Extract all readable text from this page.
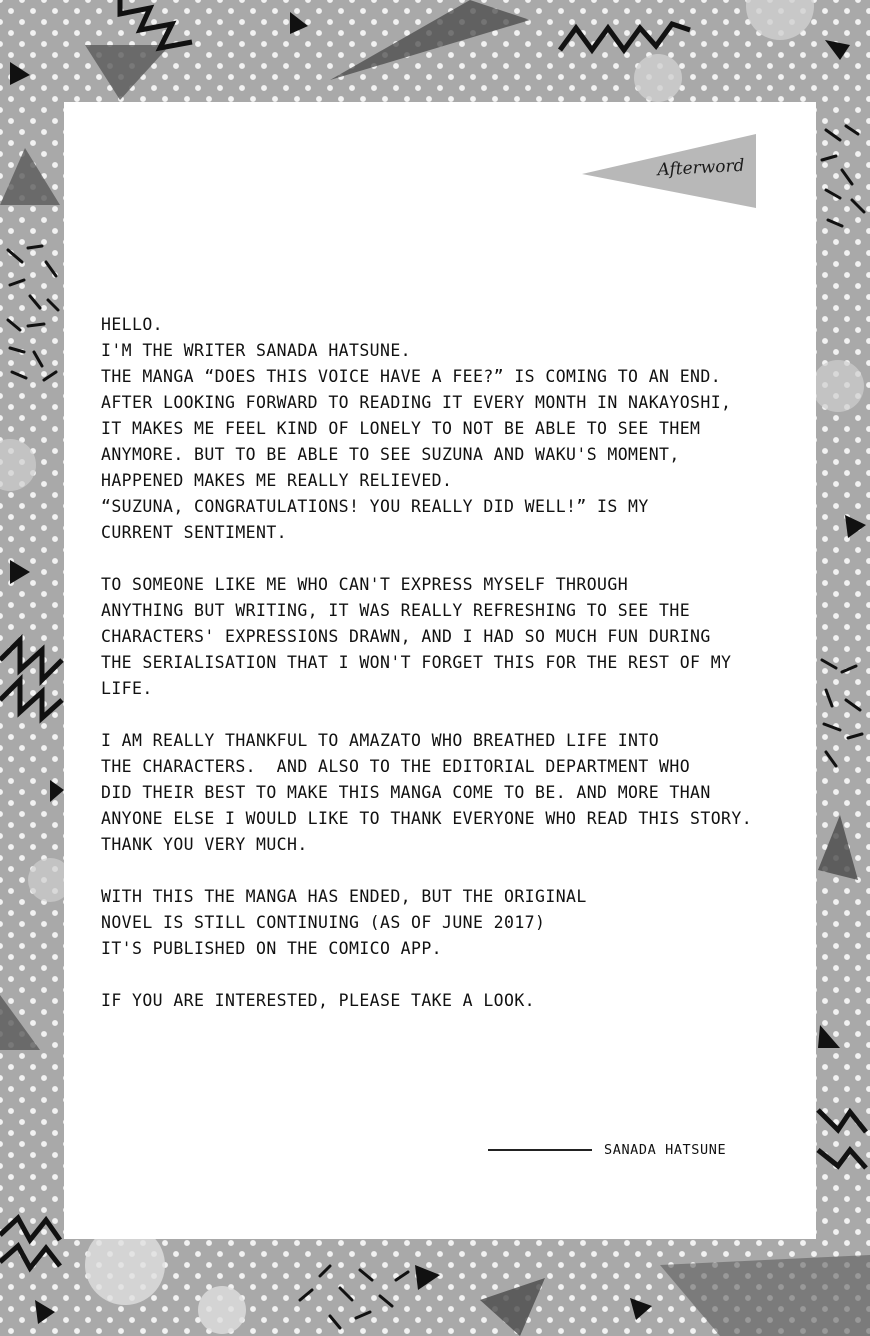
Afterword
HELLO.
I'M THE WRITER SANADA HATSUNE.
THE MANGA “DOES THIS VOICE HAVE A FEE?” IS COMING TO AN END.
AFTER LOOKING FORWARD TO READING IT EVERY MONTH IN NAKAYOSHI,
IT MAKES ME FEEL KIND OF LONELY TO NOT BE ABLE TO SEE THEM
ANYMORE. BUT TO BE ABLE TO SEE SUZUNA AND WAKU'S MOMENT,
HAPPENED MAKES ME REALLY RELIEVED.
“SUZUNA, CONGRATULATIONS! YOU REALLY DID WELL!” IS MY
CURRENT SENTIMENT.
TO SOMEONE LIKE ME WHO CAN'T EXPRESS MYSELF THROUGH
ANYTHING BUT WRITING, IT WAS REALLY REFRESHING TO SEE THE
CHARACTERS' EXPRESSIONS DRAWN, AND I HAD SO MUCH FUN DURING
THE SERIALISATION THAT I WON'T FORGET THIS FOR THE REST OF MY
LIFE.
I AM REALLY THANKFUL TO AMAZATO WHO BREATHED LIFE INTO
THE CHARACTERS.  AND ALSO TO THE EDITORIAL DEPARTMENT WHO
DID THEIR BEST TO MAKE THIS MANGA COME TO BE. AND MORE THAN
ANYONE ELSE I WOULD LIKE TO THANK EVERYONE WHO READ THIS STORY.
THANK YOU VERY MUCH.
WITH THIS THE MANGA HAS ENDED, BUT THE ORIGINAL
NOVEL IS STILL CONTINUING (AS OF JUNE 2017)
IT'S PUBLISHED ON THE COMICO APP.
IF YOU ARE INTERESTED, PLEASE TAKE A LOOK.
SANADA HATSUNE
